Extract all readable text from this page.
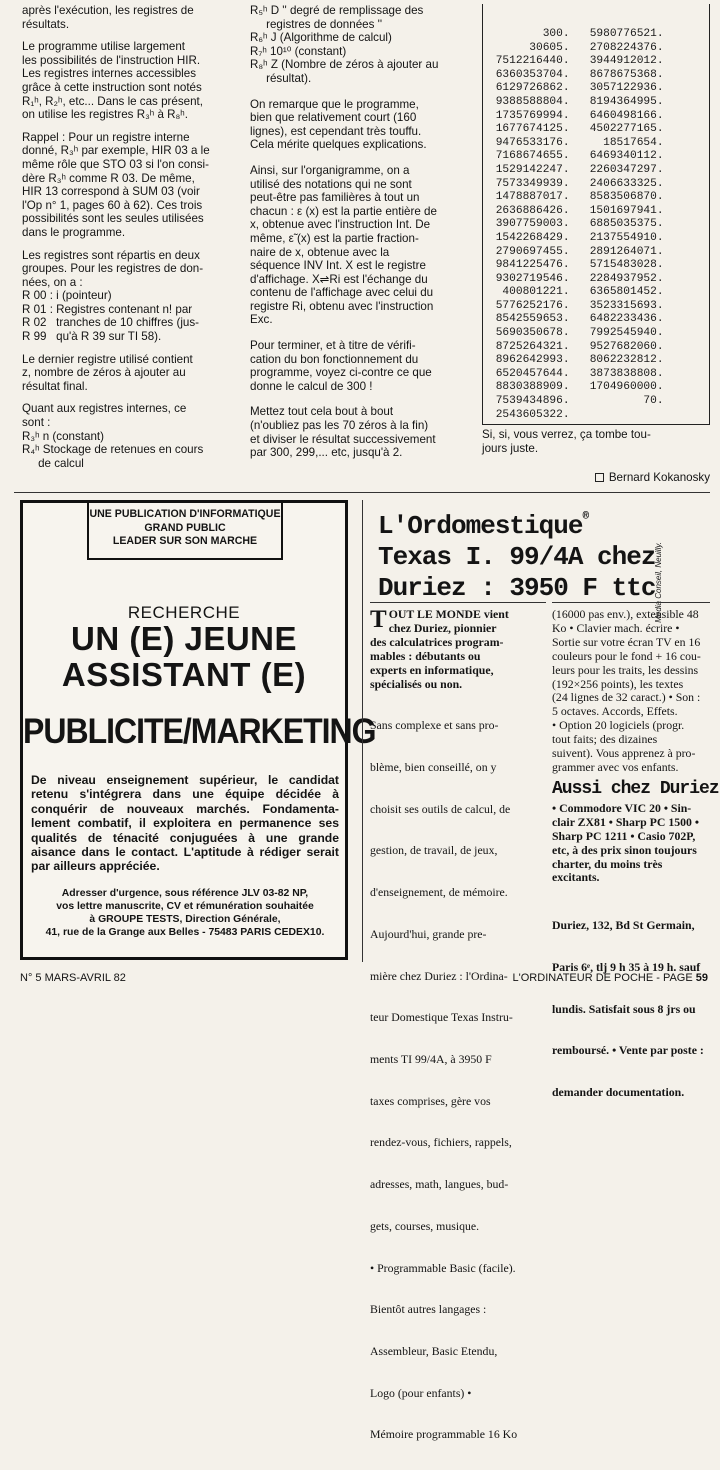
après l'exécution, les registres de
résultats.

Le programme utilise largement
les possibilités de l'instruction HIR.
Les registres internes accessibles
grâce à cette instruction sont notés
R₁ʰ, R₂ʰ, etc... Dans le cas présent,
on utilise les registres R₃ʰ à R₈ʰ.

Rappel : Pour un registre interne
donné, R₃ʰ par exemple, HIR 03 a le
même rôle que STO 03 si l'on consi-
dère R₃ʰ comme R 03. De même,
HIR 13 correspond à SUM 03 (voir
l'Op n° 1, pages 60 à 62). Ces trois
possibilités sont les seules utilisées
dans le programme.

Les registres sont répartis en deux
groupes. Pour les registres de don-
nées, on a :

R 00 : i (pointeur)
R 01 : Registres contenant n! par
R 02   tranches de 10 chiffres (jus-
R 99   qu'à R 39 sur TI 58).

Le dernier registre utilisé contient
z, nombre de zéros à ajouter au
résultat final.

Quant aux registres internes, ce
sont :

R₃ʰ n (constant)
R₄ʰ Stockage de retenues en cours
de calcul
R₅ʰ D '' degré de remplissage des
registres de données ''
R₆ʰ J (Algorithme de calcul)
R₇ʰ 10¹⁰ (constant)
R₈ʰ Z (Nombre de zéros à ajouter au
résultat).

On remarque que le programme,
bien que relativement court (160
lignes), est cependant très touffu.
Cela mérite quelques explications.

Ainsi, sur l'organigramme, on a
utilisé des notations qui ne sont
peut-être pas familières à tout un
chacun : ε (x) est la partie entière de
x, obtenue avec l'instruction Int. De
même, ε̃ (x) est la partie fraction-
naire de x, obtenue avec la
séquence INV Int. X est le registre
d'affichage. X⇌Ri est l'échange du
contenu de l'affichage avec celui du
registre Ri, obtenu avec l'instruction
Exc.

Pour terminer, et à titre de vérifi-
cation du bon fonctionnement du
programme, voyez ci-contre ce que
donne le calcul de 300 !

Mettez tout cela bout à bout
(n'oubliez pas les 70 zéros à la fin)
et diviser le résultat successivement
par 300, 299,... etc, jusqu'à 2.

300.   5980776521.
30605.   2708224376.
7512216440.   3944912012.
6360353704.   8678675368.
6129726862.   3057122936.
9388588804.   8194364995.
1735769994.   6460498166.
1677674125.   4502277165.
9476533176.     18517654.
7168674655.   6469340112.
1529142247.   2260347297.
7573349939.   2406633325.
1478887017.   8583506870.
2636886426.   1501697941.
3907759003.   6885035375.
1542268429.   2137554910.
2790697455.   2891264071.
9841225476.   5715483028.
9302719546.   2284937952.
400801221.   6365801452.
5776252176.   3523315693.
8542559653.   6482233436.
5690350678.   7992545940.
8725264321.   9527682060.
8962642993.   8062232812.
6520457644.   3873838808.
8830388909.   1704960000.
7539434896.           70.
2543605322.
Si, si, vous verrez, ça tombe tou-
jours juste.
Bernard Kokanosky
UNE PUBLICATION D'INFORMATIQUE
GRAND PUBLIC
LEADER SUR SON MARCHE
RECHERCHE
UN (E) JEUNE
ASSISTANT (E)
PUBLICITE/MARKETING
De niveau enseignement supérieur, le candidat retenu s'intégrera dans une équipe décidée à conquérir de nouveaux marchés. Fondamenta- lement combatif, il exploitera en permanence ses qualités de ténacité conjuguées à une grande aisance dans le contact. L'aptitude à rédiger serait par ailleurs appréciée.
Adresser d'urgence, sous référence JLV 03-82 NP,
vos lettre manuscrite, CV et rémunération souhaitée
à GROUPE TESTS, Direction Générale,
41, rue de la Grange aux Belles - 75483 PARIS CEDEX10.
L'Ordomestique®
Texas I. 99/4A chez
Duriez : 3950 F ttc
Media Conseil, Neuilly.
T OUT LE MONDE vient
chez Duriez, pionnier
des calculatrices program-
mables : débutants ou
experts en informatique,
spécialisés ou non.

Sans complexe et sans pro-

blème, bien conseillé, on y

choisit ses outils de calcul, de

gestion, de travail, de jeux,

d'enseignement, de mémoire.

Aujourd'hui, grande pre-

mière chez Duriez : l'Ordina-

teur Domestique Texas Instru-

ments TI 99/4A, à 3950 F

taxes comprises, gère vos

rendez-vous, fichiers, rappels,

adresses, math, langues, bud-

gets, courses, musique.

• Programmable Basic (facile).

Bientôt autres langages :

Assembleur, Basic Etendu,

Logo (pour enfants) •

Mémoire programmable 16 Ko

(16000 pas env.), extensible 48
Ko • Clavier mach. écrire •
Sortie sur votre écran TV en 16
couleurs pour le fond + 16 cou-
leurs pour les traits, les dessins
(192×256 points), les textes
(24 lignes de 32 caract.) • Son :
5 octaves. Accords, Effets.
• Option 20 logiciels (progr.
tout faits; des dizaines
suivent). Vous apprenez à pro-
grammer avec vos enfants.
Aussi chez Duriez
• Commodore VIC 20 • Sin-
clair ZX81 • Sharp PC 1500 •
Sharp PC 1211 • Casio 702P,
etc, à des prix sinon toujours
charter, du moins très
excitants.

Duriez, 132, Bd St Germain,

Paris 6ᵉ, tlj 9 h 35 à 19 h. sauf

lundis. Satisfait sous 8 jrs ou

remboursé. • Vente par poste :

demander documentation.

N° 5 MARS-AVRIL 82	L'ORDINATEUR DE POCHE - PAGE 59
